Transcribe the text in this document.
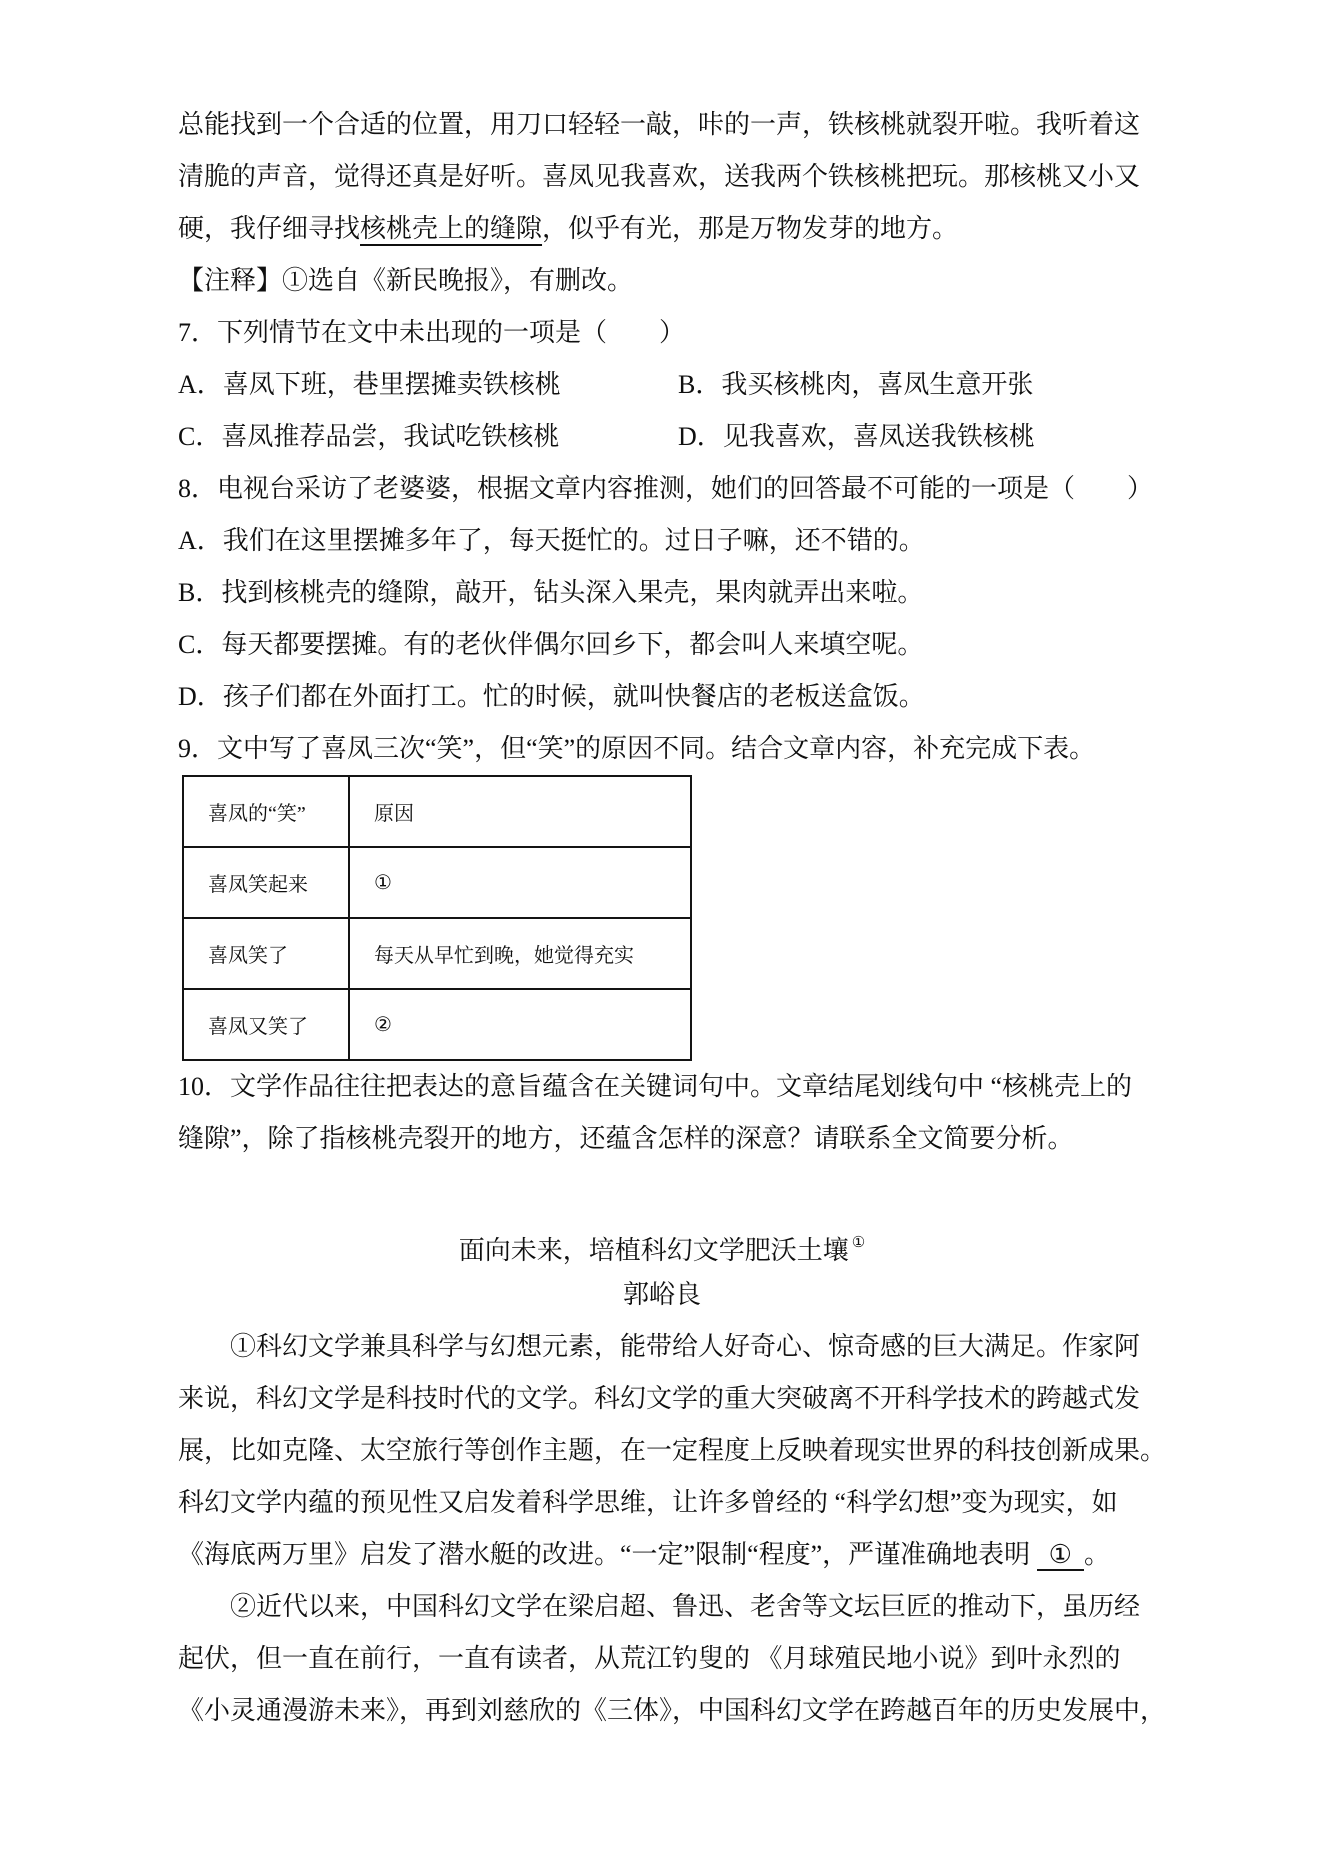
总能找到一个合适的位置，用刀口轻轻一敲，咔的一声，铁核桃就裂开啦。我听着这
清脆的声音，觉得还真是好听。喜凤见我喜欢，送我两个铁核桃把玩。那核桃又小又
硬，我仔细寻找核桃壳上的缝隙，似乎有光，那是万物发芽的地方。
【注释】①选自《新民晚报》，有删改。
7．下列情节在文中未出现的一项是（　　）
A．喜凤下班，巷里摆摊卖铁核桃	B．我买核桃肉，喜凤生意开张
C．喜凤推荐品尝，我试吃铁核桃	D．见我喜欢，喜凤送我铁核桃
8．电视台采访了老婆婆，根据文章内容推测，她们的回答最不可能的一项是（　　）
A．我们在这里摆摊多年了，每天挺忙的。过日子嘛，还不错的。
B．找到核桃壳的缝隙，敲开，钻头深入果壳，果肉就弄出来啦。
C．每天都要摆摊。有的老伙伴偶尔回乡下，都会叫人来填空呢。
D．孩子们都在外面打工。忙的时候，就叫快餐店的老板送盒饭。
9．文中写了喜凤三次“笑”，但“笑”的原因不同。结合文章内容，补充完成下表。
喜凤的“笑”	原因
喜凤笑起来	①
喜凤笑了	每天从早忙到晚，她觉得充实
喜凤又笑了	②
10．文学作品往往把表达的意旨蕴含在关键词句中。文章结尾划线句中 “核桃壳上的
缝隙”，除了指核桃壳裂开的地方，还蕴含怎样的深意？请联系全文简要分析。
面向未来，培植科幻文学肥沃土壤 ①
郭峪良
①科幻文学兼具科学与幻想元素，能带给人好奇心、惊奇感的巨大满足。作家阿
来说，科幻文学是科技时代的文学。科幻文学的重大突破离不开科学技术的跨越式发
展，比如克隆、太空旅行等创作主题，在一定程度上反映着现实世界的科技创新成果。
科幻文学内蕴的预见性又启发着科学思维，让许多曾经的 “科学幻想”变为现实，如
《海底两万里》启发了潜水艇的改进。“一定”限制“程度”，严谨准确地表明 ① 。
②近代以来，中国科幻文学在梁启超、鲁迅、老舍等文坛巨匠的推动下，虽历经
起伏，但一直在前行，一直有读者，从荒江钓叟的 《月球殖民地小说》到叶永烈的
《小灵通漫游未来》，再到刘慈欣的《三体》，中国科幻文学在跨越百年的历史发展中，
